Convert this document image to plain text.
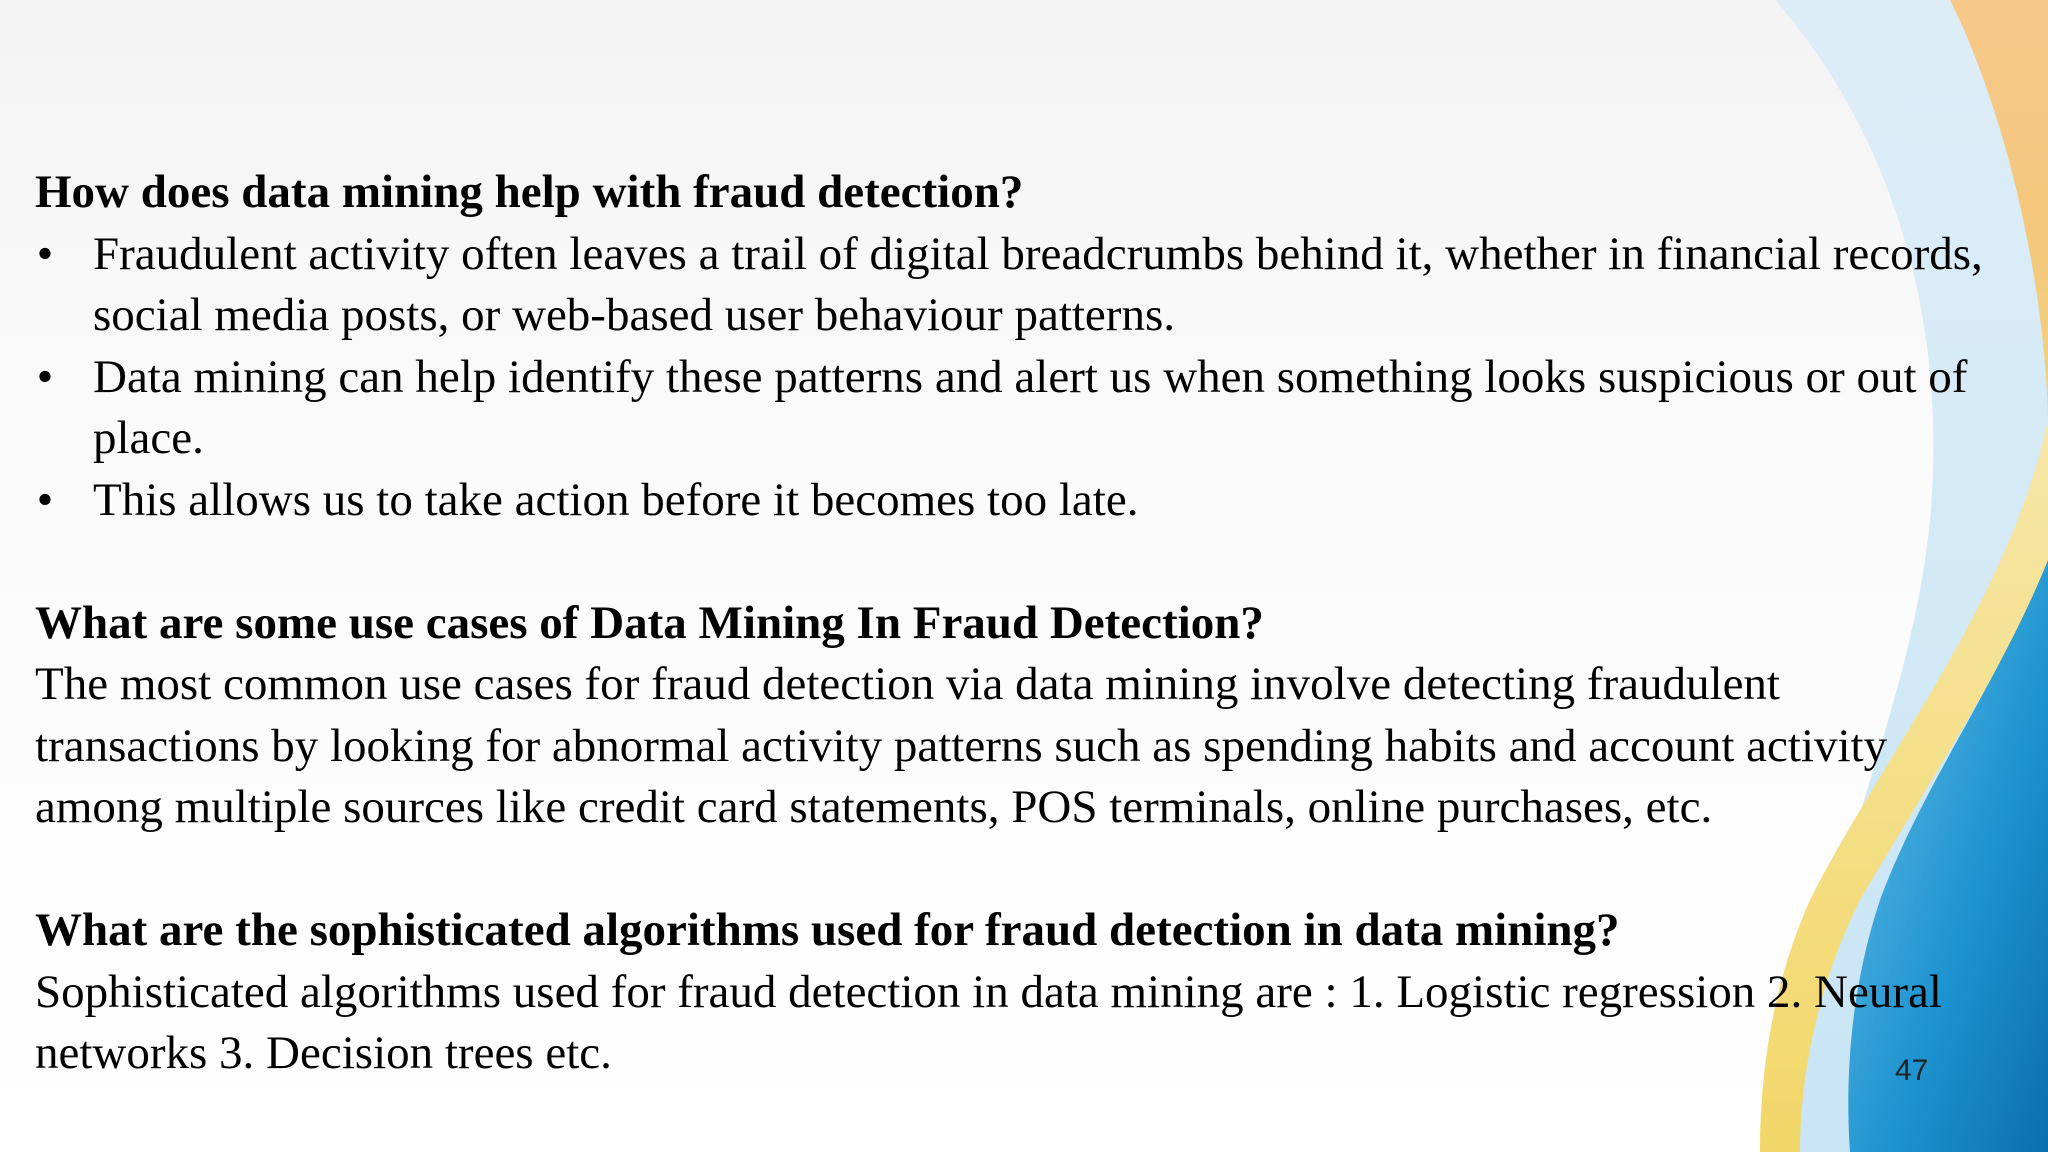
How does data mining help with fraud detection?

• Fraudulent activity often leaves a trail of digital breadcrumbs behind it, whether in financial records, social media posts, or web-based user behaviour patterns.
• Data mining can help identify these patterns and alert us when something looks suspicious or out of place.
• This allows us to take action before it becomes too late.

What are some use cases of Data Mining In Fraud Detection?

The most common use cases for fraud detection via data mining involve detecting fraudulent transactions by looking for abnormal activity patterns such as spending habits and account activity among multiple sources like credit card statements, POS terminals, online purchases, etc.

What are the sophisticated algorithms used for fraud detection in data mining?

Sophisticated algorithms used for fraud detection in data mining are : 1. Logistic regression 2. Neural networks 3. Decision trees etc.	47
